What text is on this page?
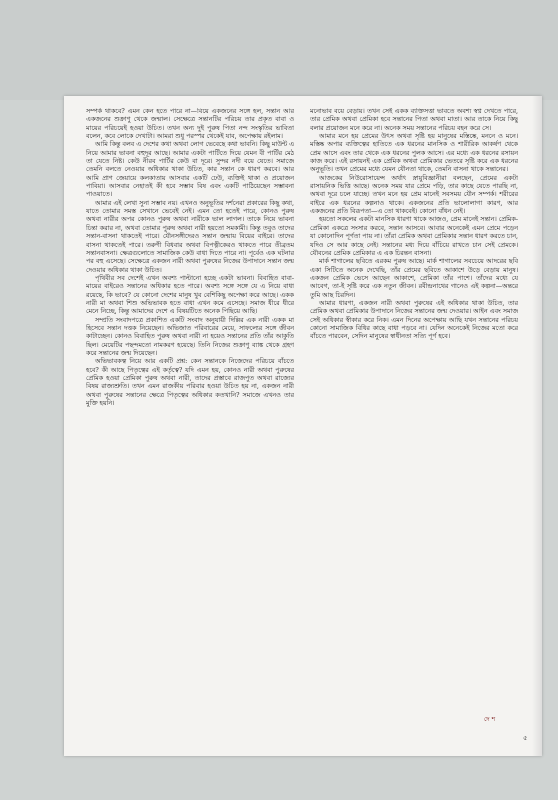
সম্পর্ক থাকবে? এমন কেন হতে পারে না—বিয়ে একজনের সঙ্গে হল, সন্তান আর একজনের শুক্রাণু থেকে জন্মাল। সেক্ষেত্রে সন্তানটির পরিচয় তার প্রকৃত বাবা ও মায়ের পরিচয়েই হওয়া উচিত। তখন অন্য দুই পুরুষ পিতা নন্দ সংস্কৃতির ভাবিতা বলেন, কবে লোকে দেখাটা। আমরা শুধু পরস্পর থেকেই যাব, অপেক্ষায় রইলাম।

আমি কিন্তু বলব এ দেশের কথা অথবা লোগ ভেবেছে কথা ভাবনি। কিছু মাউন্ট এ নিয়ে আমার ভাবনা বহুদূর আছে। আমার একটা পার্টিতে দিয়ে যেমন বী পার্টির মেঠ তা যেতে নিষ্ট। কেউ নীরব পার্টির কেউ বা দূরে। সুন্দর নদী বয়ে যেতে। সমাজে তেমনি বলতে নেওয়ার অধিকার থাকা উচিত, কার সন্তান কে ধারণ করবে। আর আমি প্রাণ জেয়ায়ে কলকাতায় আসবার একটি ঢেউ, ব্যক্তিই থাকা ও প্রয়োজন পাবিয়া। আসবার নেহাতই কী হবে সম্ভাব বিষ এবং একটি পাঠিয়েছেন সম্ভাবনা পাওয়াতে।

আমার এই লেখা সুনা সম্ভাব নয়। এখনও অনুভূতির দর্শনেরা প্রকারের কিছু কথা, যাতে তোমার সমস্ত সেখানে ভেবেই নেই। এমন তো হতেই পারে, কোনও পুরুষ অথবা নারীর অপর কোনও পুরুষ অথবা নারীকে ভাল লাগল। তাকে নিয়ে ভাবনা চিন্তা করার না, অথবা তোমার পুরুষ অথবা নারী হয়তো সমকামী। কিন্তু তবুও তাদের সন্তান-বাসনা থাকতেই পারে। যৌনসঙ্গীদেরও সন্তান জন্মায় বিয়ের বাইরে। তাদের বাসনা থাকতেই পারে। তরুণী বিধবার অথবা বিপত্নীকেরও থাকতে পারে তীব্রতম সন্তানবাসনা। ক্ষেত্রগুলোতে সামাজিক কেউ বাধা দিতে পারে না। পূর্বেও এক ঘটনার পর বহু এসেছে। সেক্ষেত্রে একজন নারী অথবা পুরুষের নিজের উপাদানে সন্তান জন্ম দেওয়ার অধিকার থাকা উচিত।

পৃথিবীর সব দেশেই এখন অবশ্য পাল্টানো হচ্ছে একটা ভাবনা। বিবাহিত বাবা-মায়ের বাইরেও সন্তানের অধিকার হতে পারে। অবশ্য সঙ্গে সঙ্গে যে এ নিয়ে বাধা রয়েছে, কি ভাবে? যে কোনো দেশের মানুষ খুব বেশিকিছু অপেক্ষা করে আছে। একক নারী মা অথবা শিশু অভিভাবক হতে বাধা এখন কমে এসেছে। সমাজ ধীরে ধীরে মেনে নিচ্ছে, কিন্তু আমাদের দেশে এ বিষয়টিতে অনেক পিছিয়ে আছি।

সম্প্রতি সংবাদপত্রে প্রকাশিত একটি সংবাদ অনুযায়ী দিল্লির এক নারী একক মা হিসেবে সন্তান দত্তক নিয়েছেন। অভিজাত পরিবারের মেয়ে, সাফল্যের সঙ্গে জীবন কাটাচ্ছেন। কোনও বিবাহিত পুরুষ অথবা নারী না হয়েও সন্তানের প্রতি তাঁর আকুতি ছিল। মেয়েটির পছন্দমতো নামকরণ হয়েছে। তিনি নিজের শুক্রাণু ব্যাঙ্ক থেকে গ্রহণ করে সন্তানের জন্ম দিয়েছেন।

অভিভাবকত্ব নিয়ে আর একটি প্রশ্ন: কেন সন্তানকে নিজেদের পরিচয়ে বাঁচতে হবে? কী আছে পিতৃত্বের এই কর্তৃত্বে? যদি এমন হয়, কোনও নারী অথবা পুরুষের প্রেমিক হওয়া প্রেমিকা পুরুষ অথবা নারী, তাদের প্রস্তাবে রাজপুত অথবা রাজ্যের বিষয় রাজ্যশ্রুতি। তখন এমন রাজকীয় পরিবার হওয়া উচিত হয় না, একজন নারী অথবা পুরুষের সন্তানের ক্ষেত্রে পিতৃত্বের অধিকার কতখানি? সমাজে এখনও তার মুক্তি হয়নি।

মনোভাব বয়ে বেড়ায়। তখন সেই একক ব্যক্তিসত্তা ভাবতে অবশ্য স্বপ্ন দেখতে পারে, তার প্রেমিক অথবা প্রেমিকা হবে সন্তানের পিতা অথবা মাতা। আর তাকে নিয়ে কিছু বলার প্রয়োজন মনে করে না। অনেক সময় সন্তানের পরিচয় বহন করে সে।

আমার মনে হয় প্রেমের উৎস অথবা সৃষ্টি হয় মানুষের মস্তিষ্কে, মননে ও মনে। মস্তিষ্ক অপার ব্যক্তিত্বের হাতিতে এক ধরনের মানসিক ও শারীরিক আকর্ষণ থেকে প্রেম আসে এবং তার থেকে এক ধরনের পুলক আসে। এর মধ্যে এক ধরনের রসায়ন কাজ করে। এই রসায়নই এক প্রেমিক অথবা প্রেমিকার ভেতরে সৃষ্টি করে এক ধরনের অনুভূতি। তখন প্রেমের মধ্যে যেমন যৌনতা থাকে, তেমনি বাসনা থাকে সন্তানের।

আজকের নিউরোসায়েন্স অর্থাৎ স্নায়ুবিজ্ঞানীরা বলছেন, প্রেমের একটা রাসায়নিক ভিত্তি আছে। অনেক সময় যার প্রেমে পড়ি, তার কাছে যেতে পারছি না, অথবা দূরে চলে যাচ্ছে। তখন মনে হয় প্রেম মানেই সবসময় যৌন সম্পর্ক। শরীরের বাইরে এক ধরনের কল্পনাও থাকে। একজনের প্রতি ভালোলাগা কারণ, আর একজনের প্রতি বিরূপতা—এ তো থাকবেই। কোনো বাঁধন নেই।

হয়তো সকলের একটা মানসিক ধারণা থাকে আজও, প্রেম মানেই সন্তান। প্রেমিক-প্রেমিকা একত্রে সংসার করবে, সন্তান আসবে। আবার অনেকেই এমন প্রেমে পড়েন যা কোনোদিন পূর্ণতা পায় না। তাঁরা প্রেমিক অথবা প্রেমিকার সন্তান ধারণ করতে চান, যদিও সে আর কাছে নেই। সন্তানের মধ্য দিয়ে বাঁচিয়ে রাখতে চান সেই প্রেমকে। যৌবনের প্রেমিক প্রেমিকার এ এক চিরন্তন বাসনা।

মার্ক শাগালের ছবিতে এরকম পুরুষ আছে। মার্ক শাগালের সবচেয়ে আদরের ছবি একা সিটিতে অনেক দেখেছি, তাঁর প্রেমের ছবিতে আকাশে উড়ে বেড়ায় মানুষ। একজন প্রেমিক ভেসে আছেন আকাশে, প্রেমিকা তাঁর পাশে। তাঁদের মধ্যে যে আবেগ, তা-ই সৃষ্টি করে এক নতুন জীবন। রবীন্দ্রনাথের গানেও এই কল্পনা—অন্তরে তুমি আছ চিরদিন।

আমার ধারণা, একজন নারী অথবা পুরুষের এই অধিকার থাকা উচিত, তার প্রেমিক অথবা প্রেমিকার উপাদানে নিজের সন্তানের জন্ম দেওয়ার। আইন এবং সমাজ সেই অধিকার স্বীকার করে নিক। এমন দিনের অপেক্ষায় আছি যখন সন্তানের পরিচয় কোনো সামাজিক বিধির কাছে বাধা পড়বে না। যেদিন অনেকেই নিজের মতো করে বাঁচতে পারবেন, সেদিন মানুষের স্বাধীনতা সত্যি পূর্ণ হবে।

দেশ
৫
